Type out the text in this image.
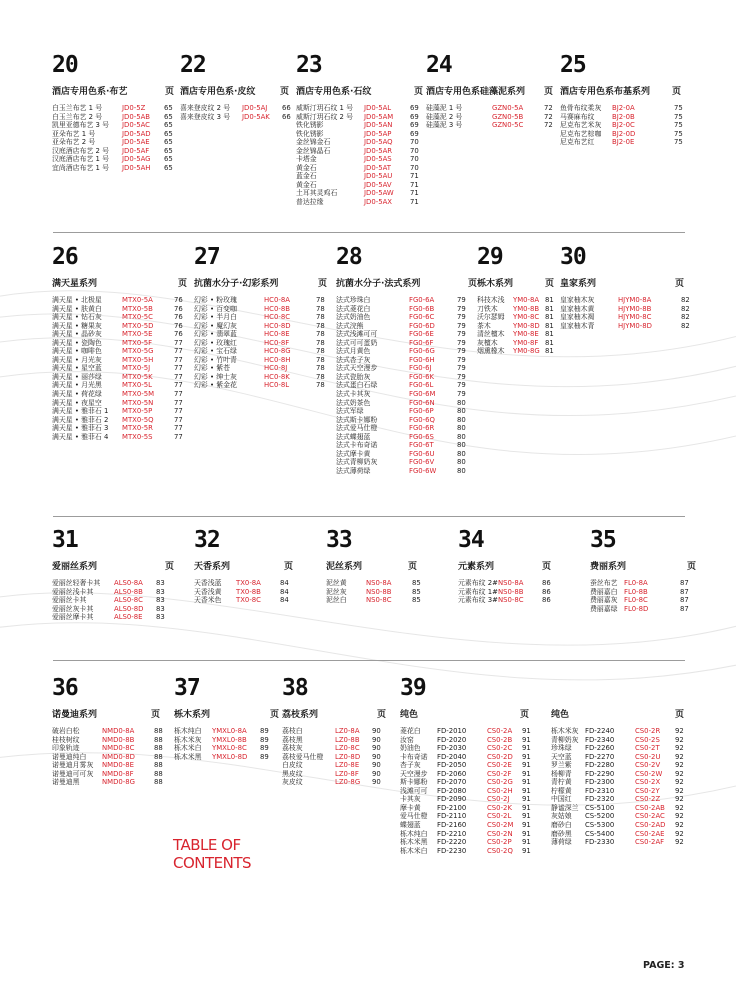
20
酒店专用色系·布艺	页
白玉兰布艺 1 号	JD0-5Z	65
白玉兰布艺 2 号	JD0-5AB 65
凯里亚德布艺 3 号 JD0-5AC 65
亚朵布艺 1 号	JD0-5AD 65
亚朵布艺 2 号	JD0-5AE 65
汉庭酒店布艺 2 号 JD0-5AF 65
汉庭酒店布艺 1 号 JD0-5AG 65
宜尚酒店布艺 1 号 JD0-5AH 65
22
酒店专用色系·皮纹	页
喜来登皮纹 2 号 JD0-5AJ 66
喜来登皮纹 3 号 JD0-5AK 66
23
酒店专用色系·石纹	页
威斯汀玥石纹 1 号 JD0-5AL	69
威斯汀玥石纹 2 号 JD0-5AM 69
铁化锈影	JD0-5AN	69
铁化锈影	JD0-5AP	69
金丝锦金石	JD0-5AQ	70
金丝锦晶石	JD0-5AR	70
卡塔金	JD0-5AS	70
黄金石	JD0-5AT	70
蓝金石	JD0-5AU	71
黄金石	JD0-5AV	71
土耳其灵鸡石	JD0-5AW 71
普达拉缘	JD0-5AX	71
24
酒店专用色系硅藻泥系列 页
硅藻泥 1 号	GZN0-5A	72
硅藻泥 2 号	GZN0-5B	72
硅藻泥 3 号	GZN0-5C	72
25
酒店专用色系布基系列 页
鱼骨布纹柔灰 BJ2-0A	75
马赛麻布纹	BJ2-0B	75
尼克布艺米灰 BJ2-0C	75
尼克布艺棕咖 BJ2-0D	75
尼克布艺红	BJ2-0E	75
26
满天星系列	页
满天星 • 北极星	MTX0-5A	76
满天星 • 肤黄白	MTX0-5B	76
满天星 • 钻石灰	MTX0-5C	76
满天星 • 糖果灰	MTX0-5D	76
满天星 • 晶砂灰	MTX0-5E	76
满天星 • 瓷陶色	MTX0-5F	77
满天星 • 咖啡色	MTX0-5G	77
满天星 • 月光灰	MTX0-5H	77
满天星 • 星空蓝	MTX0-5J	77
满天星 • 丽莎绿	MTX0-5K	77
满天星 • 月光黑	MTX0-5L	77
满天星 • 荷花绿	MTX0-5M	77
满天星 • 夜星空	MTX0-5N	77
满天星 • 雅菲石 1 MTX0-5P	77
满天星 • 雅菲石 2 MTX0-5Q	77
满天星 • 雅菲石 3 MTX0-5R	77
满天星 • 雅菲石 4 MTX0-5S	77
27
抗菌水分子·幻彩系列	页
幻彩 • 粉玫瑰	HC0-8A	78
幻彩 • 百变咖	HC0-8B	78
幻彩 • 半月白	HC0-8C	78
幻彩 • 魔幻灰	HC0-8D	78
幻彩 • 翡翠蓝	HC0-8E	78
幻彩 • 玫瑰红	HC0-8F	78
幻彩 • 宝石绿	HC0-8G	78
幻彩 • 竹叶青	HC0-8H	78
幻彩 • 紫苍	HC0-8J	78
幻彩 • 绅士灰	HC0-8K	78
幻彩 • 紫金花	HC0-8L	78
28
抗菌水分子·法式系列	页
法式珍珠白	FG0-6A	79
法式菱花白	FG0-6B	79
法式奶油色	FG0-6C	79
法式浣熊	FG0-6D	79
法式浅滩可可	FG0-6E	79
法式可可蛋奶	FG0-6F	79
法式月黄色	FG0-6G	79
法式杏子灰	FG0-6H	79
法式天空漫步	FG0-6J	79
法式瓷胎灰	FG0-6K	79
法式蛋白石绿	FG0-6L	79
法式卡其灰	FG0-6M	79
法式奶茶色	FG0-6N	80
法式军绿	FG0-6P	80
法式斯卡娜粉	FG0-6Q	80
法式爱马仕橙	FG0-6R	80
法式蝶翅蓝	FG0-6S	80
法式卡布奇诺	FG0-6T	80
法式摩卡黄	FG0-6U	80
法式青柳奶灰	FG0-6V	80
法式薄荷绿	FG0-6W	80
29
栎木系列	页
科技木浅 YM0-8A 81
刀铁木 YM0-8B 81
沃尔瑟姆 YM0-8C 81
茶木	YM0-8D 81
清丝檀木 YM0-8E 81
灰檀木 YM0-8F 81
烟熏橡木 YM0-8G 81
30
皇家系列	页
皇家柚木灰	HJYM0-8A	82
皇家柚木黄	HJYM0-8B	82
皇家柚木褐	HJYM0-8C	82
皇家柚木青	HJYM0-8D	82
31
爱丽丝系列	页
爱丽丝轻奢卡其 ALS0-8A 83
爱丽丝浅卡其	ALS0-8B 83
爱丽丝卡其	ALS0-8C 83
爱丽丝灰卡其	ALS0-8D 83
爱丽丝摩卡其	ALS0-8E 83
32
天香系列	页
天香浅蓝 TX0-8A	84
天香浅黄 TX0-8B	84
天香米色 TX0-8C	84
33
泥丝系列	页
泥丝黄	NS0-8A	85
泥丝灰	NS0-8B	85
泥丝白	NS0-8C	85
34
元素系列	页
元素布纹 2# NS0-8A	86
元素布纹 1# NS0-8B	86
元素布纹 3# NS0-8C	86
35
费丽系列	页
蚕丝布艺 FL0-8A	87
费丽嘉白 FL0-8B	87
费丽嘉灰 FL0-8C	87
费丽嘉绿 FL0-8D	87
36
诺曼迪系列	页
破岩白松	NMD0-8A	88
桂枝树纹	NMD0-8B	88
印象轨迹	NMD0-8C	88
诺曼迪纯白 NMD0-8D	88
诺曼迪月雾灰 NMD0-8E	88
诺曼迪可可灰 NMD0-8F	88
诺曼迪黑	NMD0-8G	88
37
栎木系列	页
栎木纯白 YMXL0-8A 89
栎木米灰 YMXL0-8B 89
栎木米白 YMXL0-8C 89
栎木米黑 YMXL0-8D 89
38
荔枝系列	页
荔枝白	LZ0-8A 90
荔枝黑	LZ0-8B 90
荔枝灰	LZ0-8C 90
荔枝爱马仕橙 LZ0-8D 90
白皮纹	LZ0-8E 90
黑皮纹	LZ0-8F 90
灰皮纹	LZ0-8G 90
39
纯色	页
菱花白 FD-2010	CS0-2A 91
汝窑	FD-2020	CS0-2B 91
奶油色 FD-2030	CS0-2C 91
卡布奇诺 FD-2040	CS0-2D 91
杏子灰 FD-2050	CS0-2E 91
天空漫步 FD-2060	CS0-2F 91
斯卡娜粉 FD-2070	CS0-2G 91
浅滩可可 FD-2080	CS0-2H 91
卡其灰 FD-2090	CS0-2J 91
摩卡黄 FD-2100	CS0-2K 91
爱马仕橙 FD-2110	CS0-2L 91
蝶翅蓝 FD-2160	CS0-2M 91
栎木纯白 FD-2210	CS0-2N 91
栎木米黑 FD-2220	CS0-2P 91
栎木米白 FD-2230	CS0-2Q 91
纯色	页
栎木米灰 FD-2240	CS0-2R 92
青柳奶灰 FD-2340	CS0-2S 92
珍珠绿 FD-2260	CS0-2T 92
天空蓝 FD-2270	CS0-2U 92
罗兰紫 FD-2280	CS0-2V 92
杨柳青 FD-2290	CS0-2W 92
青柠黄 FD-2300	CS0-2X 92
柠檬黄 FD-2310	CS0-2Y 92
中国红 FD-2320	CS0-2Z 92
静谧深兰 CS-5100	CS0-2AB 92
灰姑娘 CS-5200	CS0-2AC 92
磨砂白 CS-5300	CS0-2AD 92
磨砂黑 CS-5400	CS0-2AE 92
薄荷绿 FD-2330	CS0-2AF 92
TABLE OF
CONTENTS
PAGE: 3
